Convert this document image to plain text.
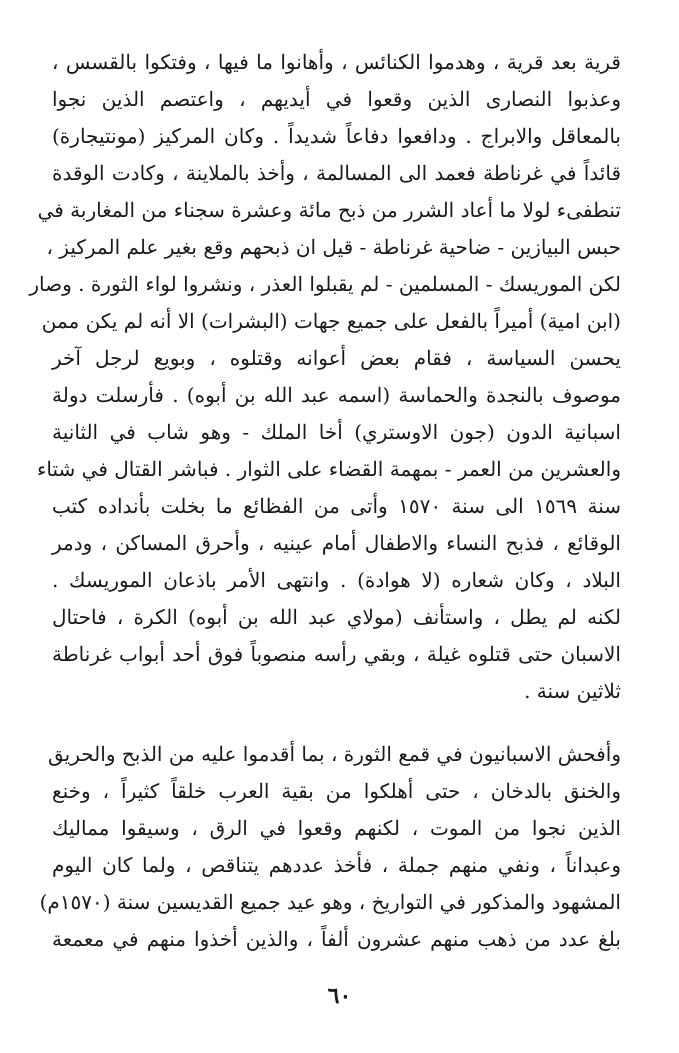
قرية بعد قرية ، وهدموا الكنائس ، وأهانوا ما فيها ، وفتكوا بالقسس ،
وعذبوا النصارى الذين وقعوا في أيديهم ، واعتصم الذين نجوا
بالمعاقل والابراج . ودافعوا دفاعاً شديداً . وكان المركيز (مونتيجارة)
قائداً في غرناطة فعمد الى المسالمة ، وأخذ بالملاينة ، وكادت الوقدة
تنطفىء لولا ما أعاد الشرر من ذبح مائة وعشرة سجناء من المغاربة في
حبس البيازين - ضاحية غرناطة - قيل ان ذبحهم وقع بغير علم المركيز ،
لكن الموريسك - المسلمين - لم يقبلوا العذر ، ونشروا لواء الثورة . وصار
(ابن امية) أميراً بالفعل على جميع جهات (البشرات) الا أنه لم يكن ممن
يحسن السياسة ، فقام بعض أعوانه وقتلوه ، وبويع لرجل آخر
موصوف بالنجدة والحماسة (اسمه عبد الله بن أبوه) . فأرسلت دولة
اسبانية الدون (جون الاوستري) أخا الملك - وهو شاب في الثانية
والعشرين من العمر - بمهمة القضاء على الثوار . فباشر القتال في شتاء
سنة ١٥٦٩ الى سنة ١٥٧٠ وأتى من الفظائع ما بخلت بأنداده كتب
الوقائع ، فذبح النساء والاطفال أمام عينيه ، وأحرق المساكن ، ودمر
البلاد ، وكان شعاره (لا هوادة) . وانتهى الأمر باذعان الموريسك .
لكنه لم يطل ، واستأنف (مولاي عبد الله بن أبوه) الكرة ، فاحتال
الاسبان حتى قتلوه غيلة ، وبقي رأسه منصوباً فوق أحد أبواب غرناطة
ثلاثين سنة .
وأفحش الاسبانيون في قمع الثورة ، بما أقدموا عليه من الذبح والحريق
والخنق بالدخان ، حتى أهلكوا من بقية العرب خلقاً كثيراً ، وخنع
الذين نجوا من الموت ، لكنهم وقعوا في الرق ، وسيقوا مماليك
وعبداناً ، ونفي منهم جملة ، فأخذ عددهم يتناقص ، ولما كان اليوم
المشهود والمذكور في التواريخ ، وهو عيد جميع القديسين سنة (١٥٧٠م)
بلغ عدد من ذهب منهم عشرون ألفاً ، والذين أخذوا منهم في معمعة
٦٠
